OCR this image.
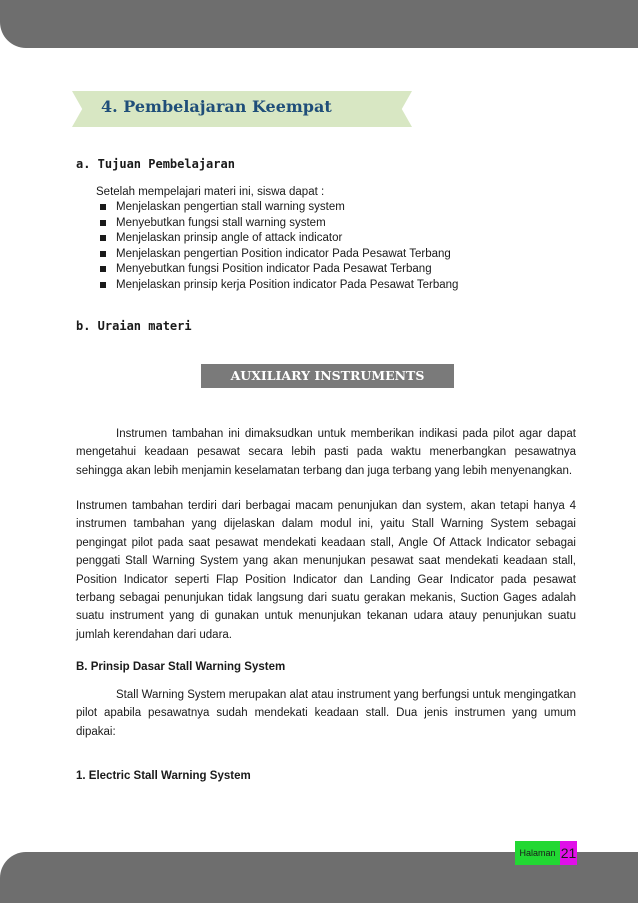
4. Pembelajaran Keempat
a. Tujuan Pembelajaran

Setelah mempelajari materi ini, siswa dapat :

Menjelaskan pengertian stall warning system
Menyebutkan fungsi stall warning system
Menjelaskan prinsip angle of attack indicator
Menjelaskan pengertian Position indicator Pada Pesawat Terbang
Menyebutkan fungsi Position indicator Pada Pesawat Terbang
Menjelaskan prinsip kerja Position indicator Pada Pesawat Terbang
b. Uraian materi
AUXILIARY INSTRUMENTS

Instrumen tambahan ini dimaksudkan untuk memberikan indikasi pada pilot agar dapat mengetahui keadaan pesawat secara lebih pasti pada waktu menerbangkan pesawatnya sehingga akan lebih menjamin keselamatan terbang dan juga terbang yang lebih menyenangkan.

Instrumen tambahan terdiri dari berbagai macam penunjukan dan system, akan tetapi hanya 4 instrumen tambahan yang dijelaskan dalam modul ini, yaitu Stall Warning System sebagai pengingat pilot pada saat pesawat mendekati keadaan stall, Angle Of Attack Indicator sebagai penggati Stall Warning System yang akan menunjukan pesawat saat mendekati keadaan stall, Position Indicator seperti Flap Position Indicator dan Landing Gear Indicator pada pesawat terbang sebagai penunjukan tidak langsung dari suatu gerakan mekanis, Suction Gages adalah suatu instrument yang di gunakan untuk menunjukan tekanan udara atauy penunjukan suatu jumlah kerendahan dari udara.

B. Prinsip Dasar Stall Warning System

Stall Warning System merupakan alat atau instrument yang berfungsi untuk mengingatkan pilot apabila pesawatnya sudah mendekati keadaan stall. Dua jenis instrumen yang umum dipakai:

1. Electric Stall Warning System
Halaman 21
